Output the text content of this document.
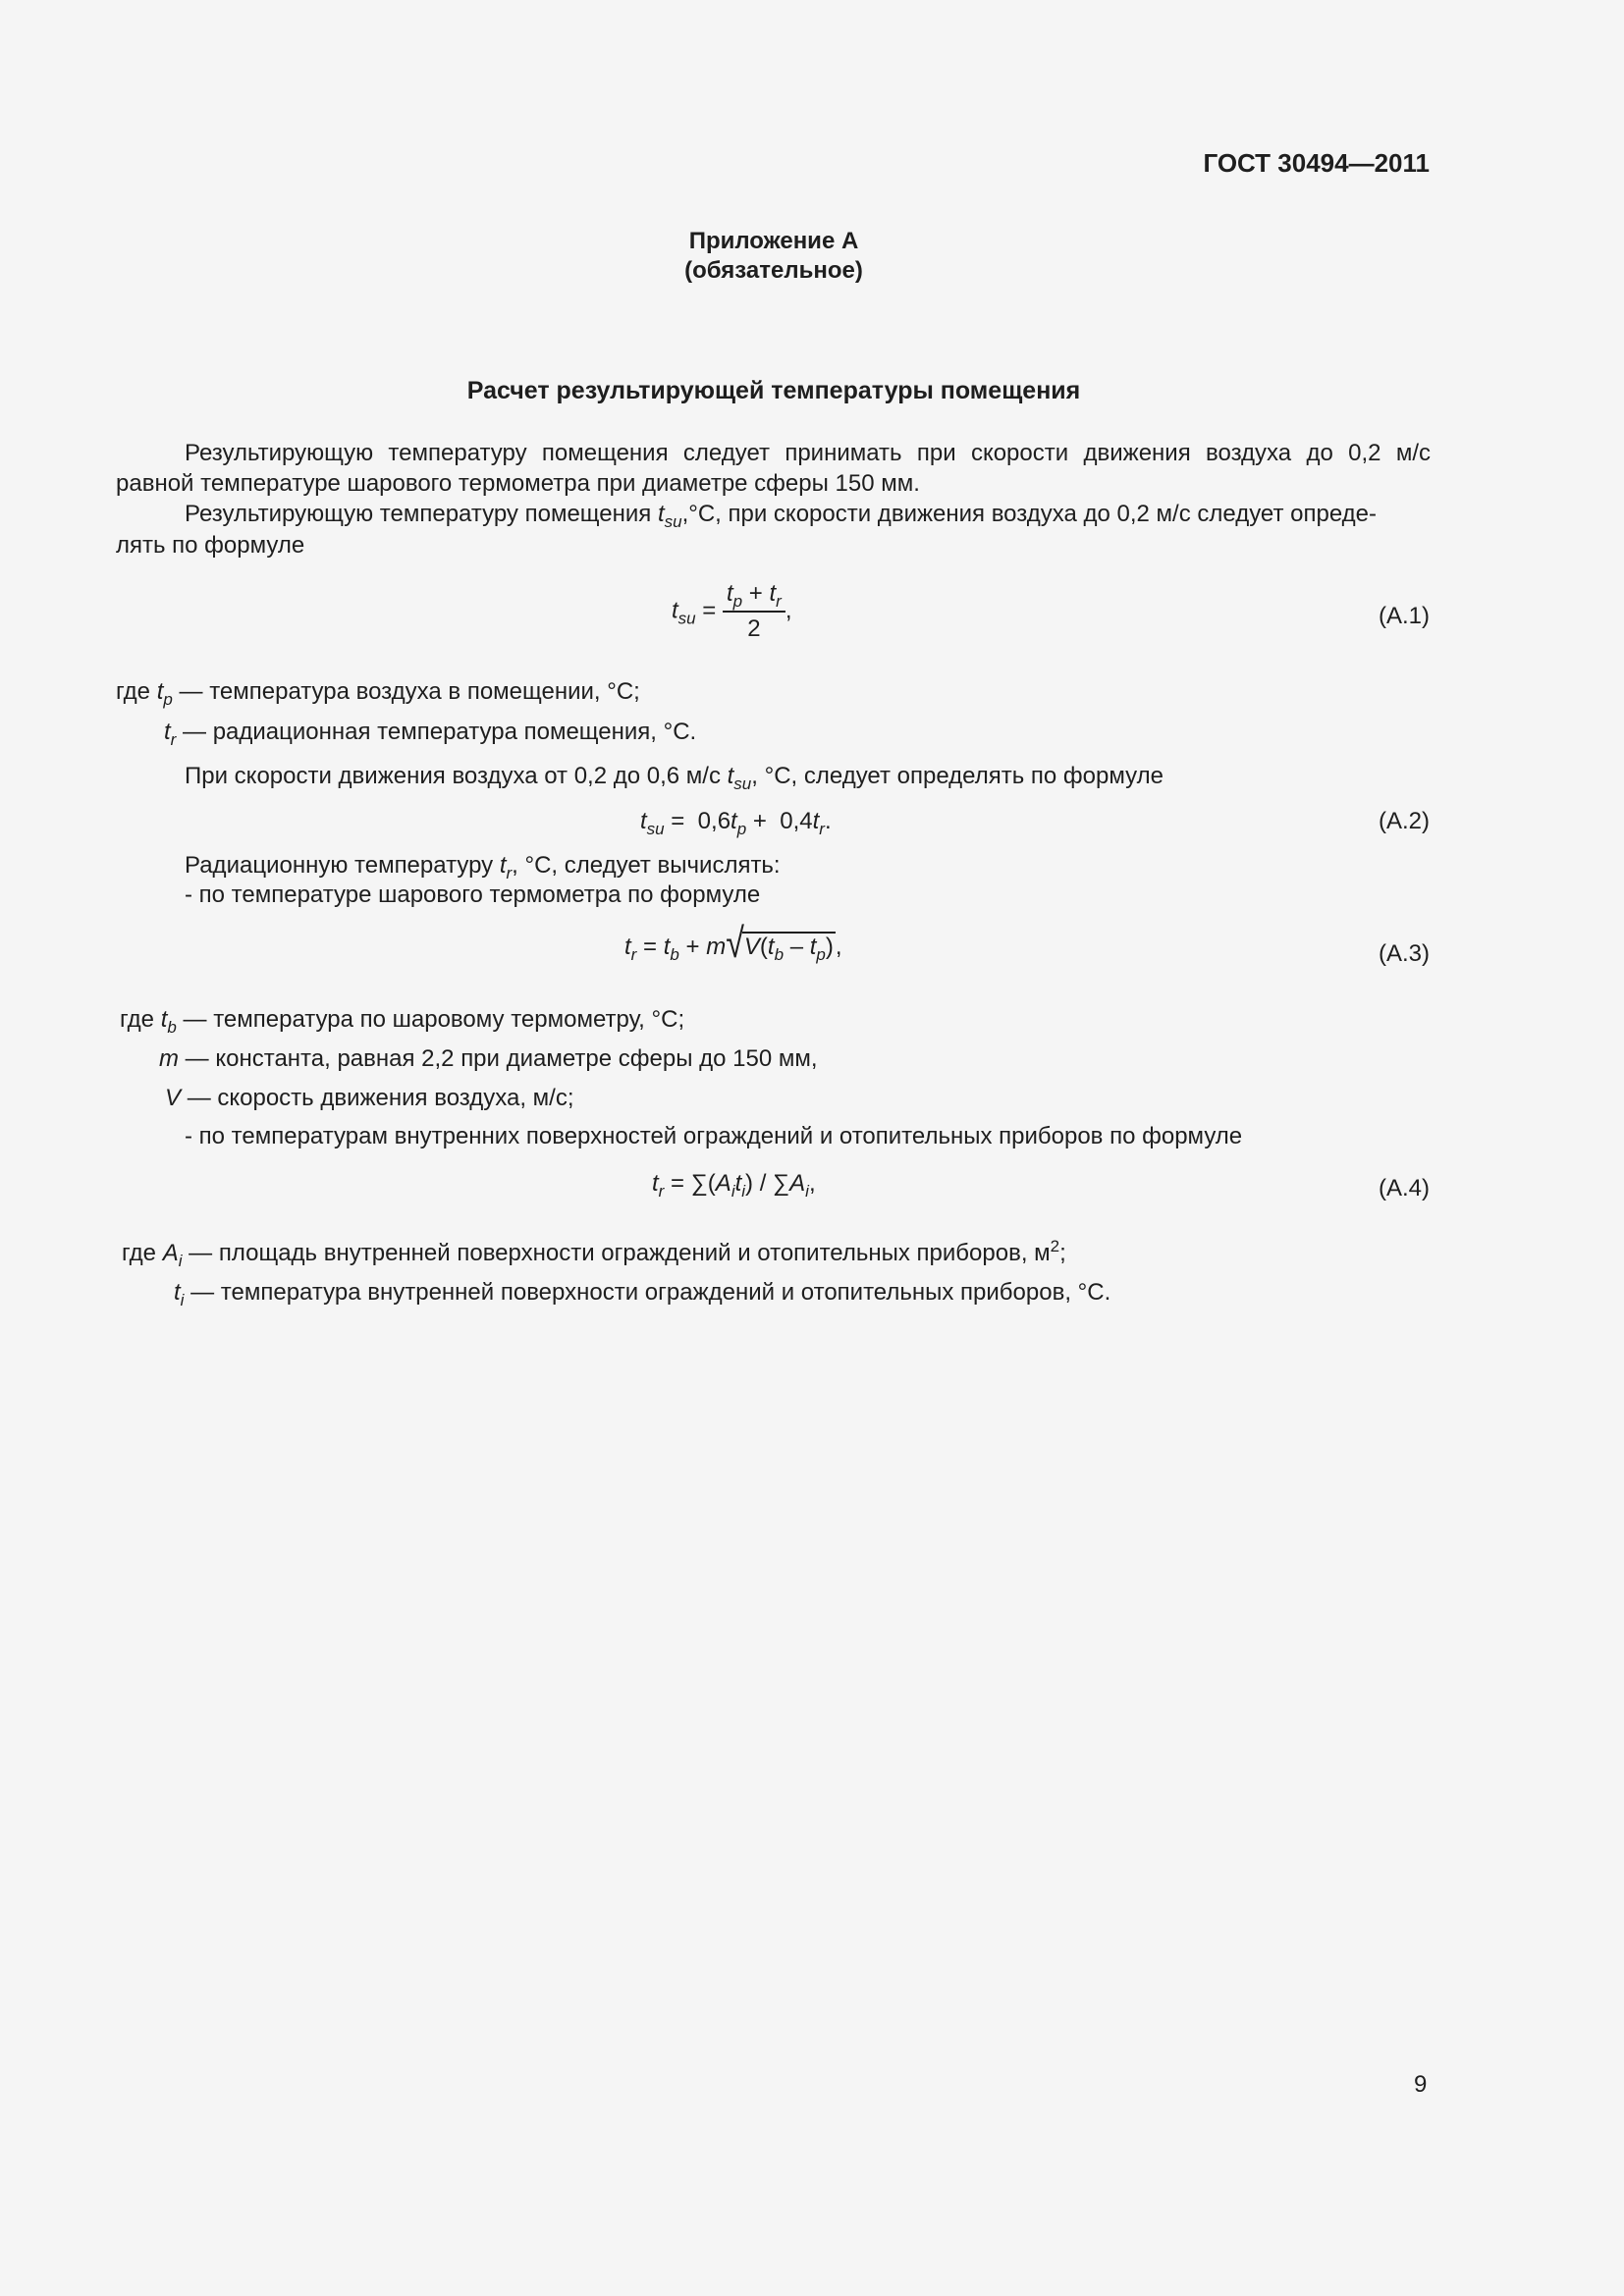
ГОСТ 30494—2011
Приложение А
(обязательное)
Расчет результирующей температуры помещения
Результирующую температуру помещения следует принимать при скорости движения воздуха до 0,2 м/с
равной температуре шарового термометра при диаметре сферы 150 мм.
Результирующую температуру помещения $t_{su},^\circ С$, при скорости движения воздуха до 0,2 м/с следует опреде-
лять по формуле
$t_{su} = \frac{t_p + t_r}{2}$ ,	(А.1)
где $t_p$ — температура воздуха в помещении, °С;
$t_r$ — радиационная температура помещения, °С.
При скорости движения воздуха от 0,2 до 0,6 м/с $t_{su}$, °С, следует определять по формуле
$t_{su} = 0,6t_p + 0,4t_r$.	(А.2)
Радиационную температуру $t_r$, °С, следует вычислять:
- по температуре шарового термометра по формуле
$t_r = t_b + m√V(t_b - t_p)$,	(А.3)
где $t_b$ — температура по шаровому термометру, °С;
m — константа, равная 2,2 при диаметре сферы до 150 мм,
V — скорость движения воздуха, м/с;
- по температурам внутренних поверхностей ограждений и отопительных приборов по формуле
$t_r = \sum(A_it_i) / \sum A_i$,	(А.4)
где $A_i$ — площадь внутренней поверхности ограждений и отопительных приборов, $м^2$;
$t_i$ — температура внутренней поверхности ограждений и отопительных приборов, °С.
9
